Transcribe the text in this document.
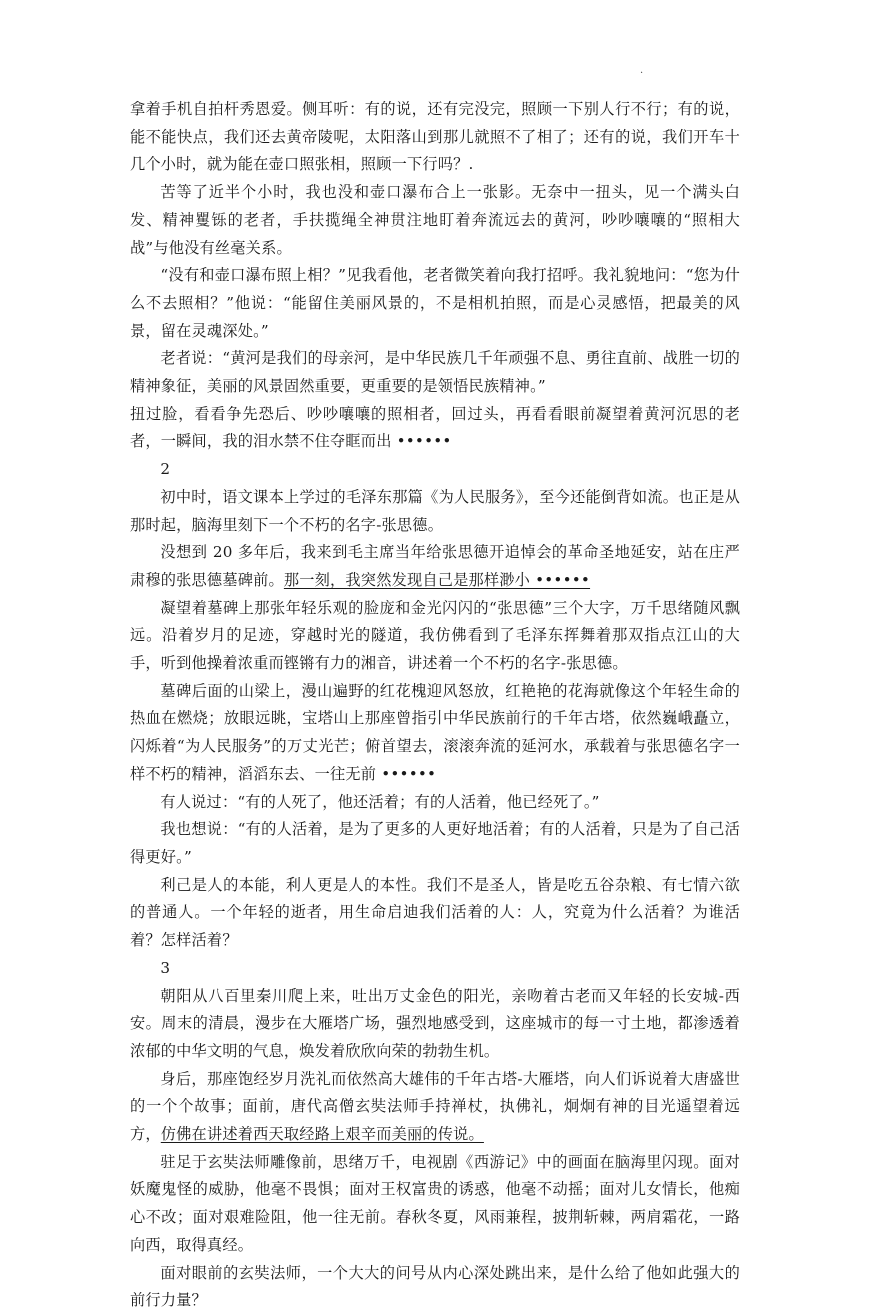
·

拿着手机自拍杆秀恩爱。侧耳听：有的说，还有完没完，照顾一下别人行不行；有的说，能不能快点，我们还去黄帝陵呢，太阳落山到那儿就照不了相了；还有的说，我们开车十几个小时，就为能在壶口照张相，照顾一下行吗？.

苦等了近半个小时，我也没和壶口瀑布合上一张影。无奈中一扭头，见一个满头白发、精神矍铄的老者，手扶揽绳全神贯注地盯着奔流远去的黄河，吵吵嚷嚷的“照相大战”与他没有丝毫关系。

“没有和壶口瀑布照上相？”见我看他，老者微笑着向我打招呼。我礼貌地问：“您为什么不去照相？”他说：“能留住美丽风景的，不是相机拍照，而是心灵感悟，把最美的风景，留在灵魂深处。”

老者说：“黄河是我们的母亲河，是中华民族几千年顽强不息、勇往直前、战胜一切的精神象征，美丽的风景固然重要，更重要的是领悟民族精神。”

扭过脸，看看争先恐后、吵吵嚷嚷的照相者，回过头，再看看眼前凝望着黄河沉思的老者，一瞬间，我的泪水禁不住夺眶而出 ••••••

2

初中时，语文课本上学过的毛泽东那篇《为人民服务》，至今还能倒背如流。也正是从那时起，脑海里刻下一个不朽的名字-张思德。

没想到 20 多年后，我来到毛主席当年给张思德开追悼会的革命圣地延安，站在庄严肃穆的张思德墓碑前。那一刻，我突然发现自己是那样渺小 ••••••

凝望着墓碑上那张年轻乐观的脸庞和金光闪闪的“张思德”三个大字，万千思绪随风飘远。沿着岁月的足迹，穿越时光的隧道，我仿佛看到了毛泽东挥舞着那双指点江山的大手，听到他操着浓重而铿锵有力的湘音，讲述着一个不朽的名字-张思德。

墓碑后面的山梁上，漫山遍野的红花槐迎风怒放，红艳艳的花海就像这个年轻生命的热血在燃烧；放眼远眺，宝塔山上那座曾指引中华民族前行的千年古塔，依然巍峨矗立，闪烁着“为人民服务”的万丈光芒；俯首望去，滚滚奔流的延河水，承载着与张思德名字一样不朽的精神，滔滔东去、一往无前 ••••••

有人说过：“有的人死了，他还活着；有的人活着，他已经死了。”

我也想说：“有的人活着，是为了更多的人更好地活着；有的人活着，只是为了自己活得更好。”

利己是人的本能，利人更是人的本性。我们不是圣人，皆是吃五谷杂粮、有七情六欲的普通人。一个年轻的逝者，用生命启迪我们活着的人：人，究竟为什么活着？为谁活着？怎样活着？

3

朝阳从八百里秦川爬上来，吐出万丈金色的阳光，亲吻着古老而又年轻的长安城-西安。周末的清晨，漫步在大雁塔广场，强烈地感受到，这座城市的每一寸土地，都渗透着浓郁的中华文明的气息，焕发着欣欣向荣的勃勃生机。

身后，那座饱经岁月洗礼而依然高大雄伟的千年古塔-大雁塔，向人们诉说着大唐盛世的一个个故事；面前，唐代高僧玄奘法师手持禅杖，执佛礼，炯炯有神的目光遥望着远方，仿佛在讲述着西天取经路上艰辛而美丽的传说。

驻足于玄奘法师雕像前，思绪万千，电视剧《西游记》中的画面在脑海里闪现。面对妖魔鬼怪的威胁，他毫不畏惧；面对王权富贵的诱惑，他毫不动摇；面对儿女情长，他痴心不改；面对艰难险阻，他一往无前。春秋冬夏，风雨兼程，披荆斩棘，两肩霜花，一路向西，取得真经。

面对眼前的玄奘法师，一个大大的问号从内心深处跳出来，是什么给了他如此强大的前行力量？
